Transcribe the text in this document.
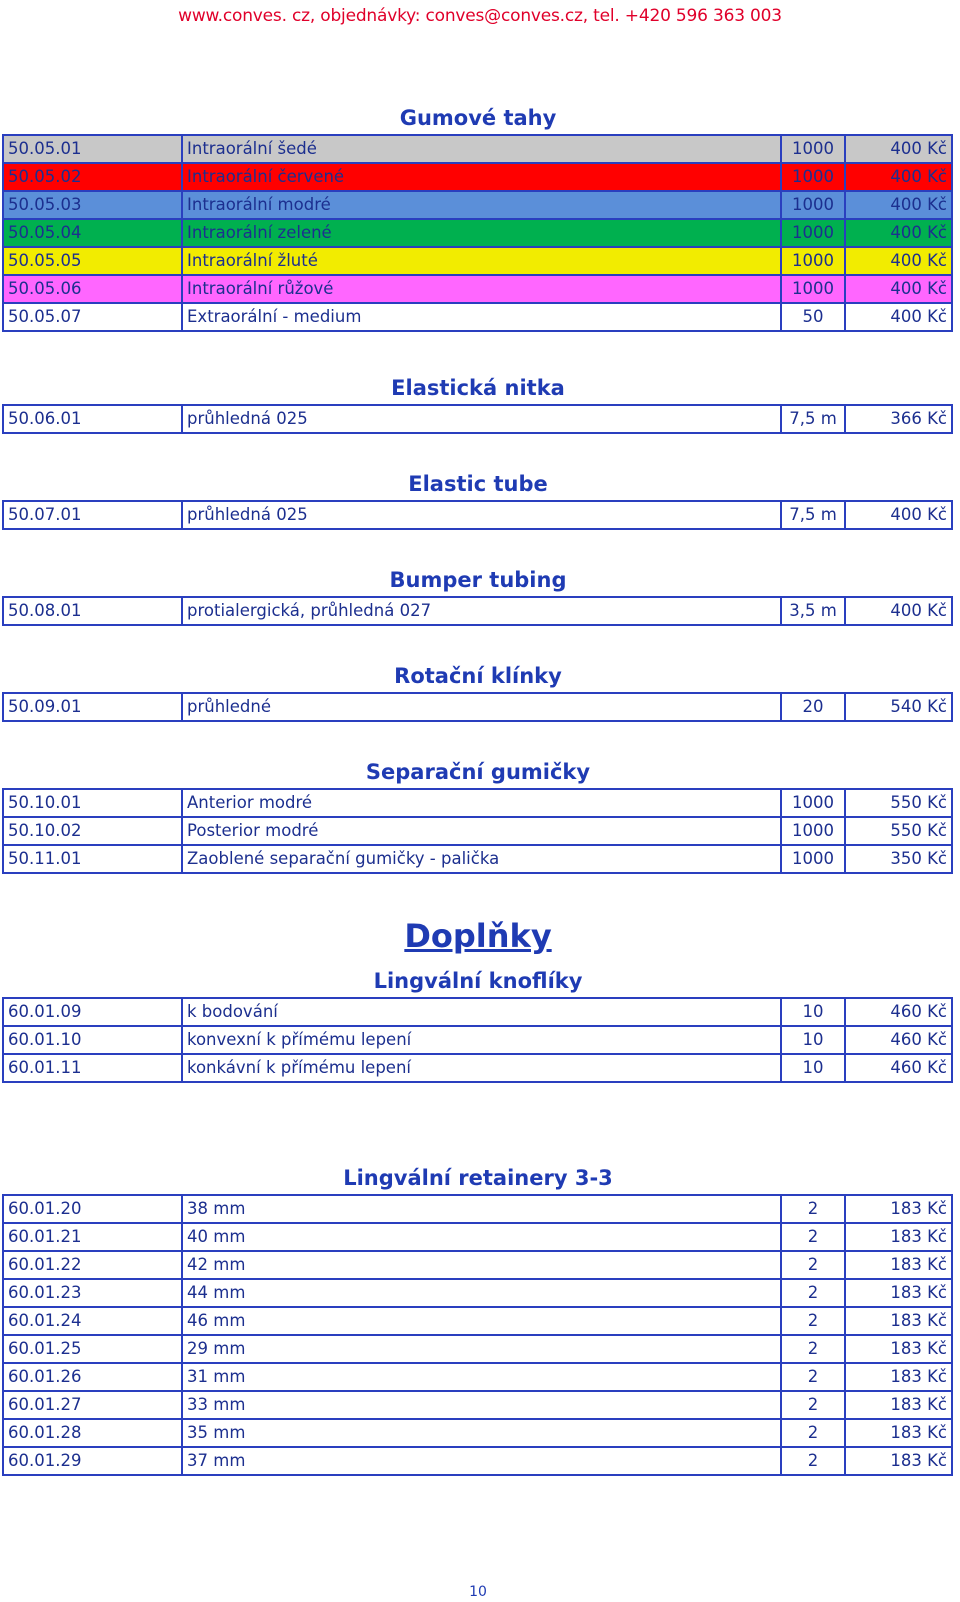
www.conves. cz, objednávky: conves@conves.cz, tel. +420 596 363 003
Gumové tahy
50.05.01	Intraorální šedé	1000	400 Kč
50.05.02	Intraorální červené	1000	400 Kč
50.05.03	Intraorální modré	1000	400 Kč
50.05.04	Intraorální zelené	1000	400 Kč
50.05.05	Intraorální žluté	1000	400 Kč
50.05.06	Intraorální růžové	1000	400 Kč
50.05.07	Extraorální - medium	50	400 Kč
Elastická nitka
50.06.01	průhledná 025	7,5 m	366 Kč
Elastic tube
50.07.01	průhledná 025	7,5 m	400 Kč
Bumper tubing
50.08.01	protialergická, průhledná 027	3,5 m	400 Kč
Rotační klínky
50.09.01	průhledné	20	540 Kč
Separační gumičky
50.10.01	Anterior modré	1000	550 Kč
50.10.02	Posterior modré	1000	550 Kč
50.11.01	Zaoblené separační gumičky - palička	1000	350 Kč
Doplňky
Lingvální knoflíky
60.01.09	k bodování	10	460 Kč
60.01.10	konvexní k přímému lepení	10	460 Kč
60.01.11	konkávní k přímému lepení	10	460 Kč
Lingvální retainery 3-3
60.01.20	38 mm	2	183 Kč
60.01.21	40 mm	2	183 Kč
60.01.22	42 mm	2	183 Kč
60.01.23	44 mm	2	183 Kč
60.01.24	46 mm	2	183 Kč
60.01.25	29 mm	2	183 Kč
60.01.26	31 mm	2	183 Kč
60.01.27	33 mm	2	183 Kč
60.01.28	35 mm	2	183 Kč
60.01.29	37 mm	2	183 Kč
10
